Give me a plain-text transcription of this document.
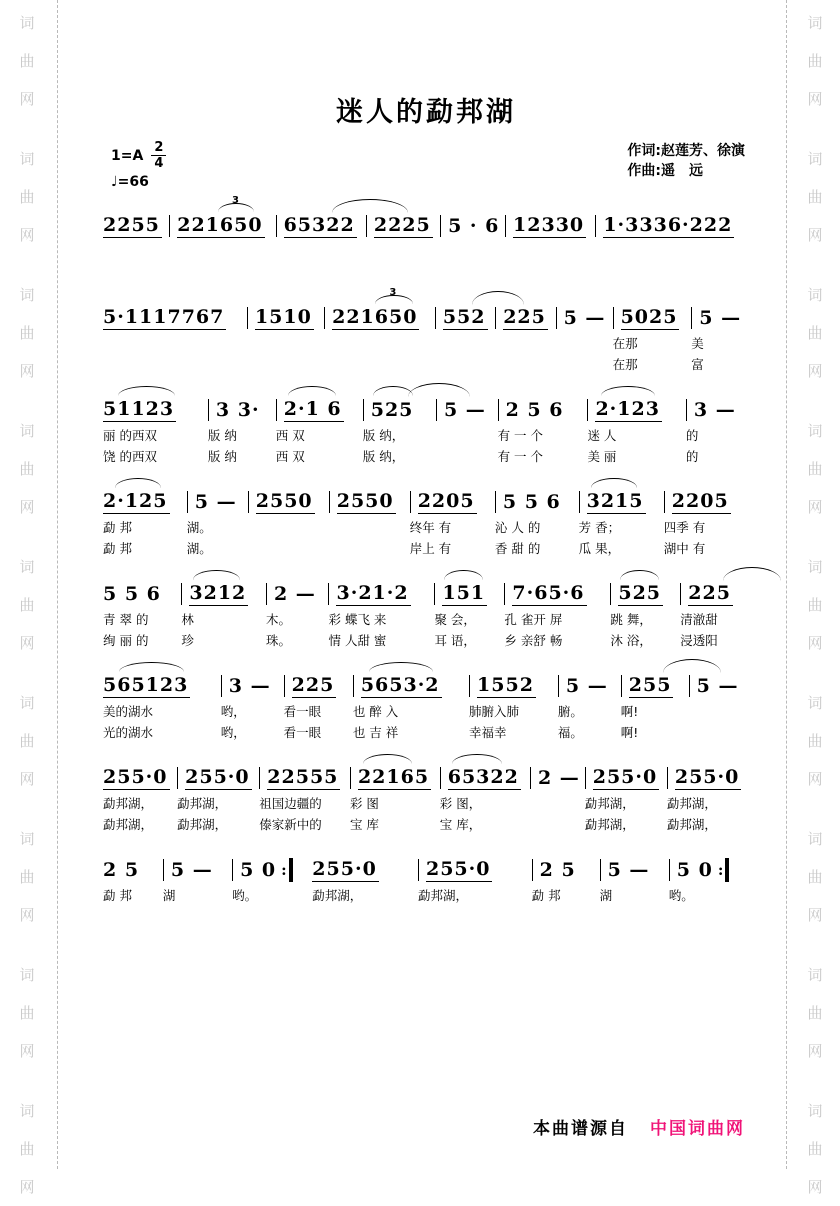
词
曲
网
词
曲
网
词
曲
网
词
曲
网
词
曲
网
词
曲
网
词
曲
网
词
曲
网
词
曲
网
词
曲
网
词
曲
网
词
曲
网
词
曲
网
词
曲
网
词
曲
网
词
曲
网
词
曲
网
词
曲
网
迷人的勐邦湖
$1=A \frac{2}{4}$
♩=66
作词:赵莲芳、徐演
作曲:遥　远
2255 221650
3
65322 2225 5 · 6 12330 1·3336·222
5·1117767 1510 221650
3
552 225 5 — 5025
在那
在那
5 —
美
富
51123
丽 的西双
饶 的西双
3 3·
版 纳
版 纳
2·1 6
西 双
西 双
525
版 纳，
版 纳，
5 — 2 5 6
有 一 个
有 一 个
2·123
迷 人
美 丽
3 —
的
的
2·125
勐 邦
勐 邦
5 —
湖。
湖。
2550 2550 2205
终年 有
岸上 有
5 5 6
沁 人 的
香 甜 的
3215
芳 香；
瓜 果，
2205
四季 有
湖中 有
5 5 6
青 翠 的
绚 丽 的
3212
林
珍
2 —
木。
珠。
3·21·2
彩 蝶飞 来
情 人甜 蜜
151
聚 会，
耳 语，
7·65·6
孔 雀开 屏
乡 亲舒 畅
525
跳 舞，
沐 浴，
225
清澈甜
浸透阳
565123
美的湖水
光的湖水
3 —
哟，
哟，
225
看一眼
看一眼
5653·2
也 醉 入
也 吉 祥
1552
肺腑入肺
幸福幸
5 —
腑。
福。
255
啊!
啊!
5 —
255·0
勐邦湖，
勐邦湖，
255·0
勐邦湖，
勐邦湖，
22555
祖国边疆的
傣家新中的
22165
彩 图
宝 库
65322
彩 图，
宝 库，
2 — 255·0
勐邦湖，
勐邦湖，
255·0
勐邦湖，
勐邦湖，
2 5
勐 邦
5 —
湖
5 0 :
哟。
255·0
勐邦湖，
255·0
勐邦湖，
2 5
勐 邦
5 —
湖
5 0 :
哟。
本曲谱源自 中国词曲网
